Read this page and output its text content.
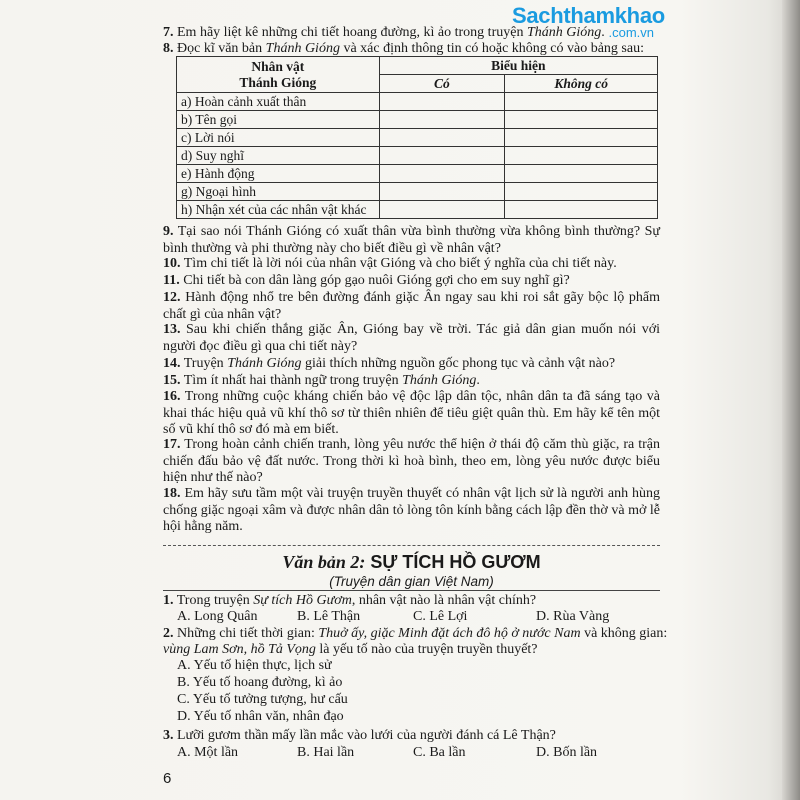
Sachthamkhao
.com.vn
7. Em hãy liệt kê những chi tiết hoang đường, kì ảo trong truyện Thánh Gióng.
8. Đọc kĩ văn bản Thánh Gióng và xác định thông tin có hoặc không có vào bảng sau:
Nhân vật
Thánh Gióng	Biểu hiện	
	Có	Không có
a) Hoàn cảnh xuất thân		
b) Tên gọi		
c) Lời nói		
d) Suy nghĩ		
e) Hành động		
g) Ngoại hình		
h) Nhận xét của các nhân vật khác		
9. Tại sao nói Thánh Gióng có xuất thân vừa bình thường vừa không bình thường? Sự bình thường và phi thường này cho biết điều gì về nhân vật?
10. Tìm chi tiết là lời nói của nhân vật Gióng và cho biết ý nghĩa của chi tiết này.
11. Chi tiết bà con dân làng góp gạo nuôi Gióng gợi cho em suy nghĩ gì?
12. Hành động nhổ tre bên đường đánh giặc Ân ngay sau khi roi sắt gãy bộc lộ phẩm chất gì của nhân vật?
13. Sau khi chiến thắng giặc Ân, Gióng bay về trời. Tác giả dân gian muốn nói với người đọc điều gì qua chi tiết này?
14. Truyện Thánh Gióng giải thích những nguồn gốc phong tục và cảnh vật nào?
15. Tìm ít nhất hai thành ngữ trong truyện Thánh Gióng.
16. Trong những cuộc kháng chiến bảo vệ độc lập dân tộc, nhân dân ta đã sáng tạo và khai thác hiệu quả vũ khí thô sơ từ thiên nhiên để tiêu giệt quân thù. Em hãy kể tên một số vũ khí thô sơ đó mà em biết.
17. Trong hoàn cảnh chiến tranh, lòng yêu nước thể hiện ở thái độ căm thù giặc, ra trận chiến đấu bảo vệ đất nước. Trong thời kì hoà bình, theo em, lòng yêu nước được biểu hiện như thế nào?
18. Em hãy sưu tầm một vài truyện truyền thuyết có nhân vật lịch sử là người anh hùng chống giặc ngoại xâm và được nhân dân tỏ lòng tôn kính bằng cách lập đền thờ và mở lễ hội hằng năm.
Văn bản 2: SỰ TÍCH HỒ GƯƠM
(Truyện dân gian Việt Nam)
1. Trong truyện Sự tích Hồ Gươm, nhân vật nào là nhân vật chính?
A. Long Quân	B. Lê Thận	C. Lê Lợi	D. Rùa Vàng
2. Những chi tiết thời gian: Thuở ấy, giặc Minh đặt ách đô hộ ở nước Nam và không gian:
vùng Lam Sơn, hồ Tả Vọng là yếu tố nào của truyện truyền thuyết?
A. Yếu tố hiện thực, lịch sử
B. Yếu tố hoang đường, kì ảo
C. Yếu tố tưởng tượng, hư cấu
D. Yếu tố nhân văn, nhân đạo
3. Lưỡi gươm thần mấy lần mắc vào lưới của người đánh cá Lê Thận?
A. Một lần	B. Hai lần	C. Ba lần	D. Bốn lần
6
